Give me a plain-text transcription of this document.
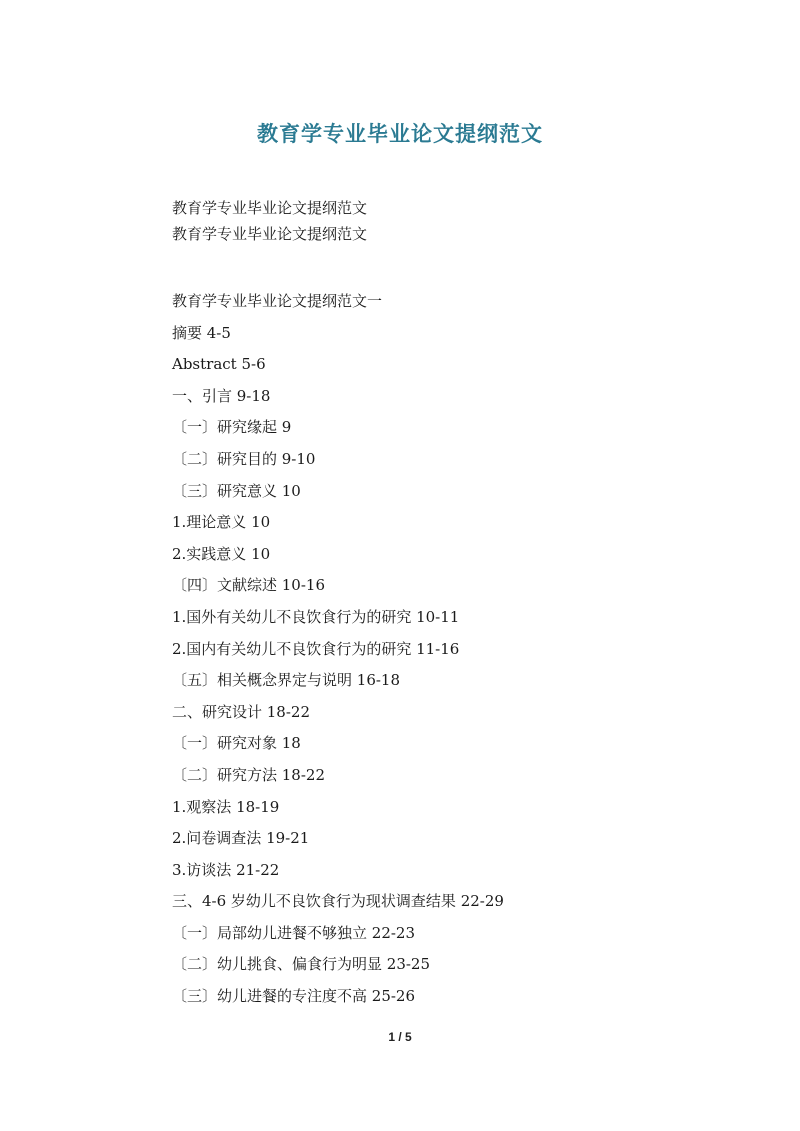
教育学专业毕业论文提纲范文
教育学专业毕业论文提纲范文
教育学专业毕业论文提纲范文
教育学专业毕业论文提纲范文一
摘要 4-5
Abstract 5-6
一、引言 9-18
〔一〕研究缘起 9
〔二〕研究目的 9-10
〔三〕研究意义 10
1.理论意义 10
2.实践意义 10
〔四〕文献综述 10-16
1.国外有关幼儿不良饮食行为的研究 10-11
2.国内有关幼儿不良饮食行为的研究 11-16
〔五〕相关概念界定与说明 16-18
二、研究设计 18-22
〔一〕研究对象 18
〔二〕研究方法 18-22
1.观察法 18-19
2.问卷调查法 19-21
3.访谈法 21-22
三、4-6 岁幼儿不良饮食行为现状调查结果 22-29
〔一〕局部幼儿进餐不够独立 22-23
〔二〕幼儿挑食、偏食行为明显 23-25
〔三〕幼儿进餐的专注度不高 25-26
1 / 5
